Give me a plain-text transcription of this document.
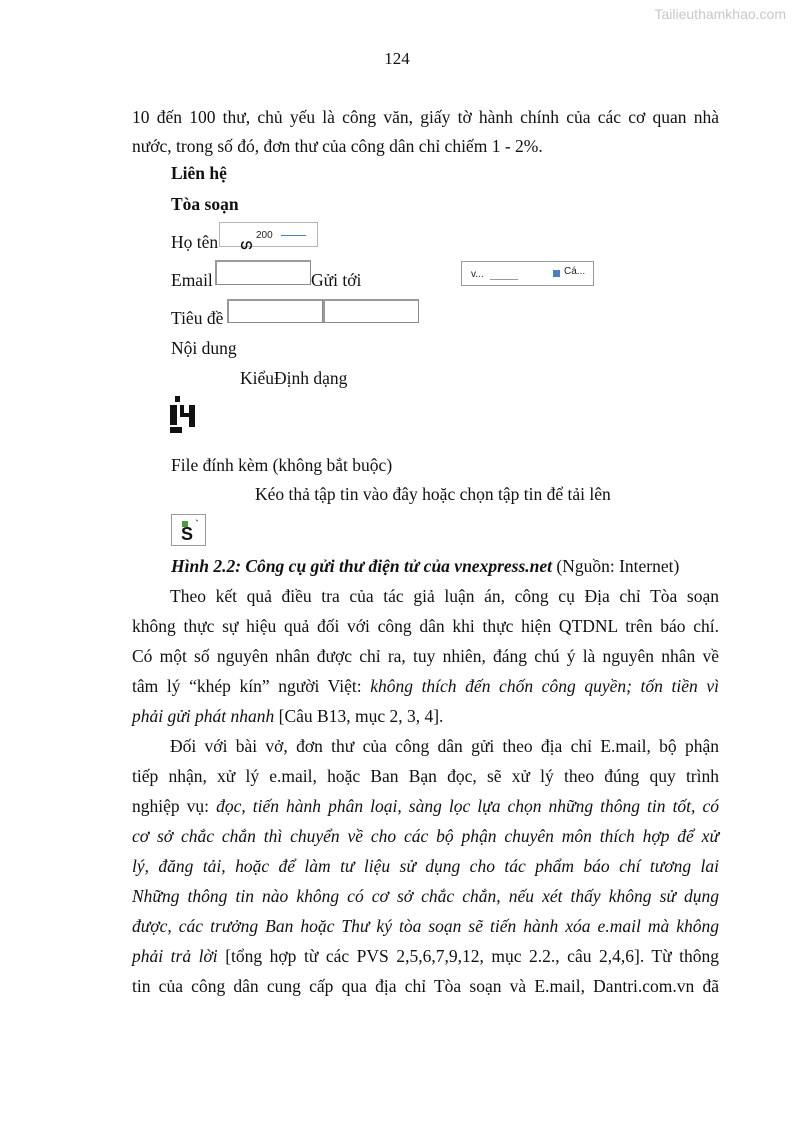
Tailieuthamkhao.com
124
10 đến 100 thư, chủ yếu là công văn, giấy tờ hành chính của các cơ quan nhà
nước, trong số đó, đơn thư của công dân chỉ chiếm 1 - 2%.
Liên hệ
Tòa soạn
Họ tên	200
ഗ
Email	Gửi tới	v...	Cá...
Tiêu đề
Nội dung
KiểuĐịnh dạng
File đính kèm (không bắt buộc)
Kéo thả tập tin vào đây hoặc chọn tập tin để tải lên
S `
Hình 2.2: Công cụ gửi thư điện tử của vnexpress.net (Nguồn: Internet)
Theo kết quả điều tra của tác giả luận án, công cụ Địa chỉ Tòa soạn
không thực sự hiệu quả đối với công dân khi thực hiện QTDNL trên báo chí.
Có một số nguyên nhân được chỉ ra, tuy nhiên, đáng chú ý là nguyên nhân về
tâm lý “khép kín” người Việt: không thích đến chốn công quyền; tốn tiền vì
phải gửi phát nhanh [Câu B13, mục 2, 3, 4].
Đối với bài vở, đơn thư của công dân gửi theo địa chỉ E.mail, bộ phận
tiếp nhận, xử lý e.mail, hoặc Ban Bạn đọc, sẽ xử lý theo đúng quy trình
nghiệp vụ: đọc, tiến hành phân loại, sàng lọc lựa chọn những thông tin tốt, có
cơ sở chắc chắn thì chuyển về cho các bộ phận chuyên môn thích hợp để xử
lý, đăng tải, hoặc để làm tư liệu sử dụng cho tác phẩm báo chí tương lai
Những thông tin nào không có cơ sở chắc chắn, nếu xét thấy không sử dụng
được, các trưởng Ban hoặc Thư ký tòa soạn sẽ tiến hành xóa e.mail mà không
phải trả lời [tổng hợp từ các PVS 2,5,6,7,9,12, mục 2.2., câu 2,4,6]. Từ thông
tin của công dân cung cấp qua địa chỉ Tòa soạn và E.mail, Dantri.com.vn đã
